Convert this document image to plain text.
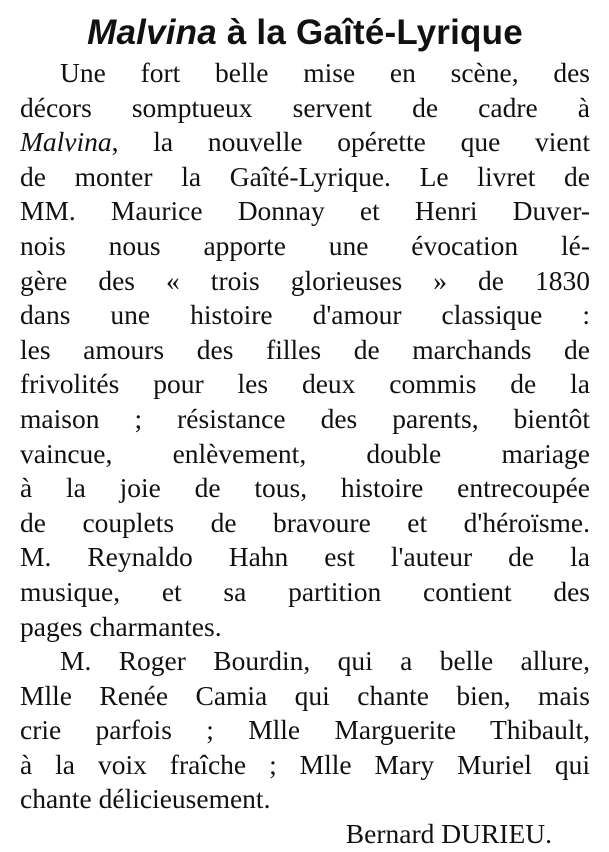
Malvina à la Gaîté-Lyrique
Une fort belle mise en scène, des
décors somptueux servent de cadre à
Malvina, la nouvelle opérette que vient
de monter la Gaîté-Lyrique. Le livret de
MM. Maurice Donnay et Henri Duver-
nois nous apporte une évocation lé-
gère des « trois glorieuses » de 1830
dans une histoire d'amour classique :
les amours des filles de marchands de
frivolités pour les deux commis de la
maison ; résistance des parents, bientôt
vaincue, enlèvement, double mariage
à la joie de tous, histoire entrecoupée
de couplets de bravoure et d'héroïsme.
M. Reynaldo Hahn est l'auteur de la
musique, et sa partition contient des
pages charmantes.
M. Roger Bourdin, qui a belle allure,
Mlle Renée Camia qui chante bien, mais
crie parfois ; Mlle Marguerite Thibault,
à la voix fraîche ; Mlle Mary Muriel qui
chante délicieusement.
Bernard DURIEU.
